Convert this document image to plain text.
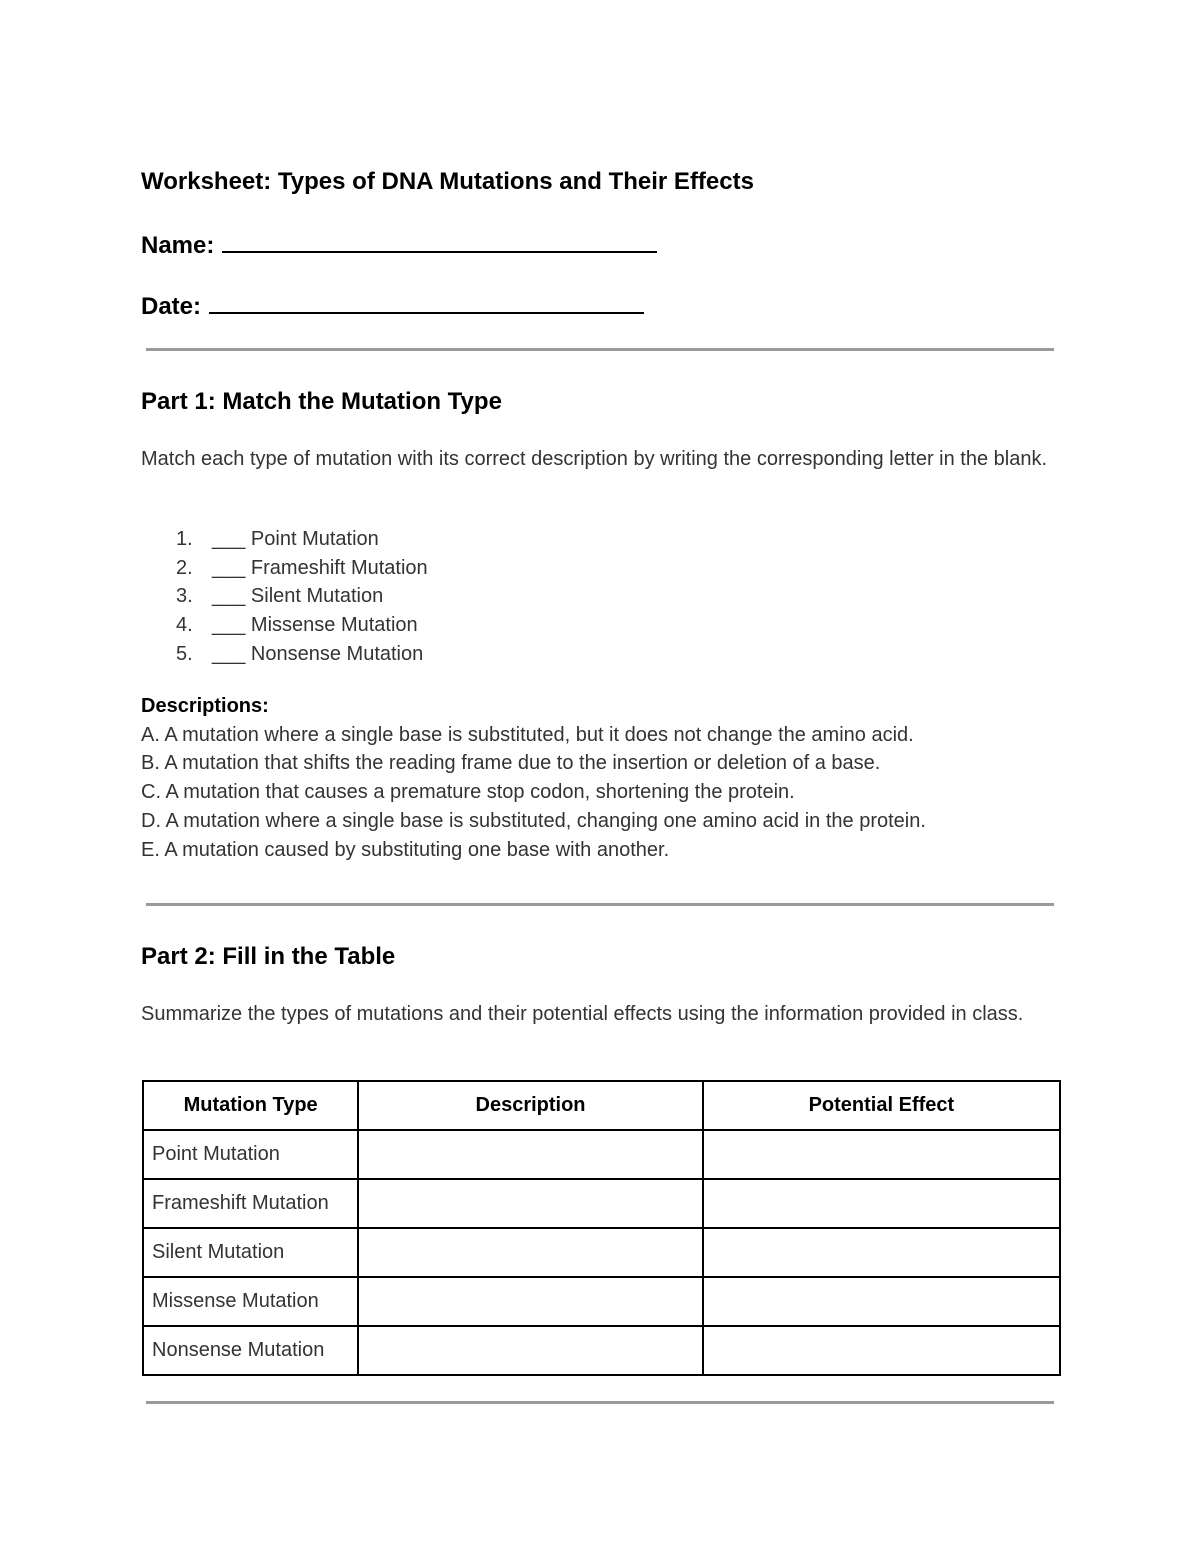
Worksheet: Types of DNA Mutations and Their Effects
Name:
Date:
Part 1: Match the Mutation Type
Match each type of mutation with its correct description by writing the corresponding letter in the blank.
1. ___ Point Mutation
2. ___ Frameshift Mutation
3. ___ Silent Mutation
4. ___ Missense Mutation
5. ___ Nonsense Mutation
Descriptions:
A. A mutation where a single base is substituted, but it does not change the amino acid.
B. A mutation that shifts the reading frame due to the insertion or deletion of a base.
C. A mutation that causes a premature stop codon, shortening the protein.
D. A mutation where a single base is substituted, changing one amino acid in the protein.
E. A mutation caused by substituting one base with another.
Part 2: Fill in the Table
Summarize the types of mutations and their potential effects using the information provided in class.
Mutation Type	Description	Potential Effect
Point Mutation		
Frameshift Mutation		
Silent Mutation		
Missense Mutation		
Nonsense Mutation		
